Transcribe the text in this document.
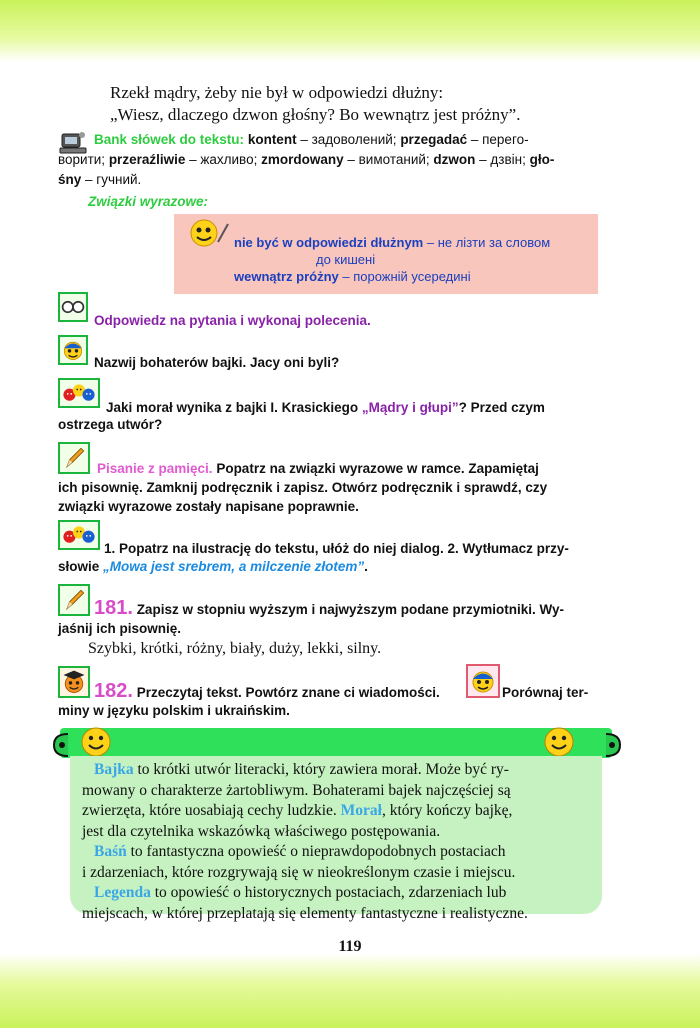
Rzekł mądry, żeby nie był w odpowiedzi dłużny:
„Wiesz, dlaczego dzwon głośny? Bo wewnątrz jest próżny”.
Bank słówek do tekstu: kontent – задоволений; przegadać – перего-
ворити; przeraźliwie – жахливо; zmordowany – вимотаний; dzwon – дзвін; gło-
śny – гучний.
Związki wyrazowe:
nie być w odpowiedzi dłużnym – не лізти за словом
до кишені
wewnątrz próżny – порожній усередині
Odpowiedz na pytania i wykonaj polecenia.
Nazwij bohaterów bajki. Jacy oni byli?
Jaki morał wynika z bajki I. Krasickiego „Mądry i głupi”? Przed czym
ostrzega utwór?
Pisanie z pamięci. Popatrz na związki wyrazowe w ramce. Zapamiętaj
ich pisownię. Zamknij podręcznik i zapisz. Otwórz podręcznik i sprawdź, czy
związki wyrazowe zostały napisane poprawnie.
1. Popatrz na ilustrację do tekstu, ułóż do niej dialog. 2. Wytłumacz przy-
słowie „Mowa jest srebrem, a milczenie złotem”.
181. Zapisz w stopniu wyższym i najwyższym podane przymiotniki. Wy-
jaśnij ich pisownię.
Szybki, krótki, różny, biały, duży, lekki, silny.
182. Przeczytaj tekst. Powtórz znane ci wiadomości.	Porównaj ter-
miny w języku polskim i ukraińskim.
Bajka to krótki utwór literacki, który zawiera morał. Może być ry-
mowany o charakterze żartobliwym. Bohaterami bajek najczęściej są
zwierzęta, które uosabiają cechy ludzkie. Morał, który kończy bajkę,
jest dla czytelnika wskazówką właściwego postępowania.
Baśń to fantastyczna opowieść o nieprawdopodobnych postaciach
i zdarzeniach, które rozgrywają się w nieokreślonym czasie i miejscu.
Legenda to opowieść o historycznych postaciach, zdarzeniach lub
miejscach, w której przeplatają się elementy fantastyczne i realistyczne.
119
